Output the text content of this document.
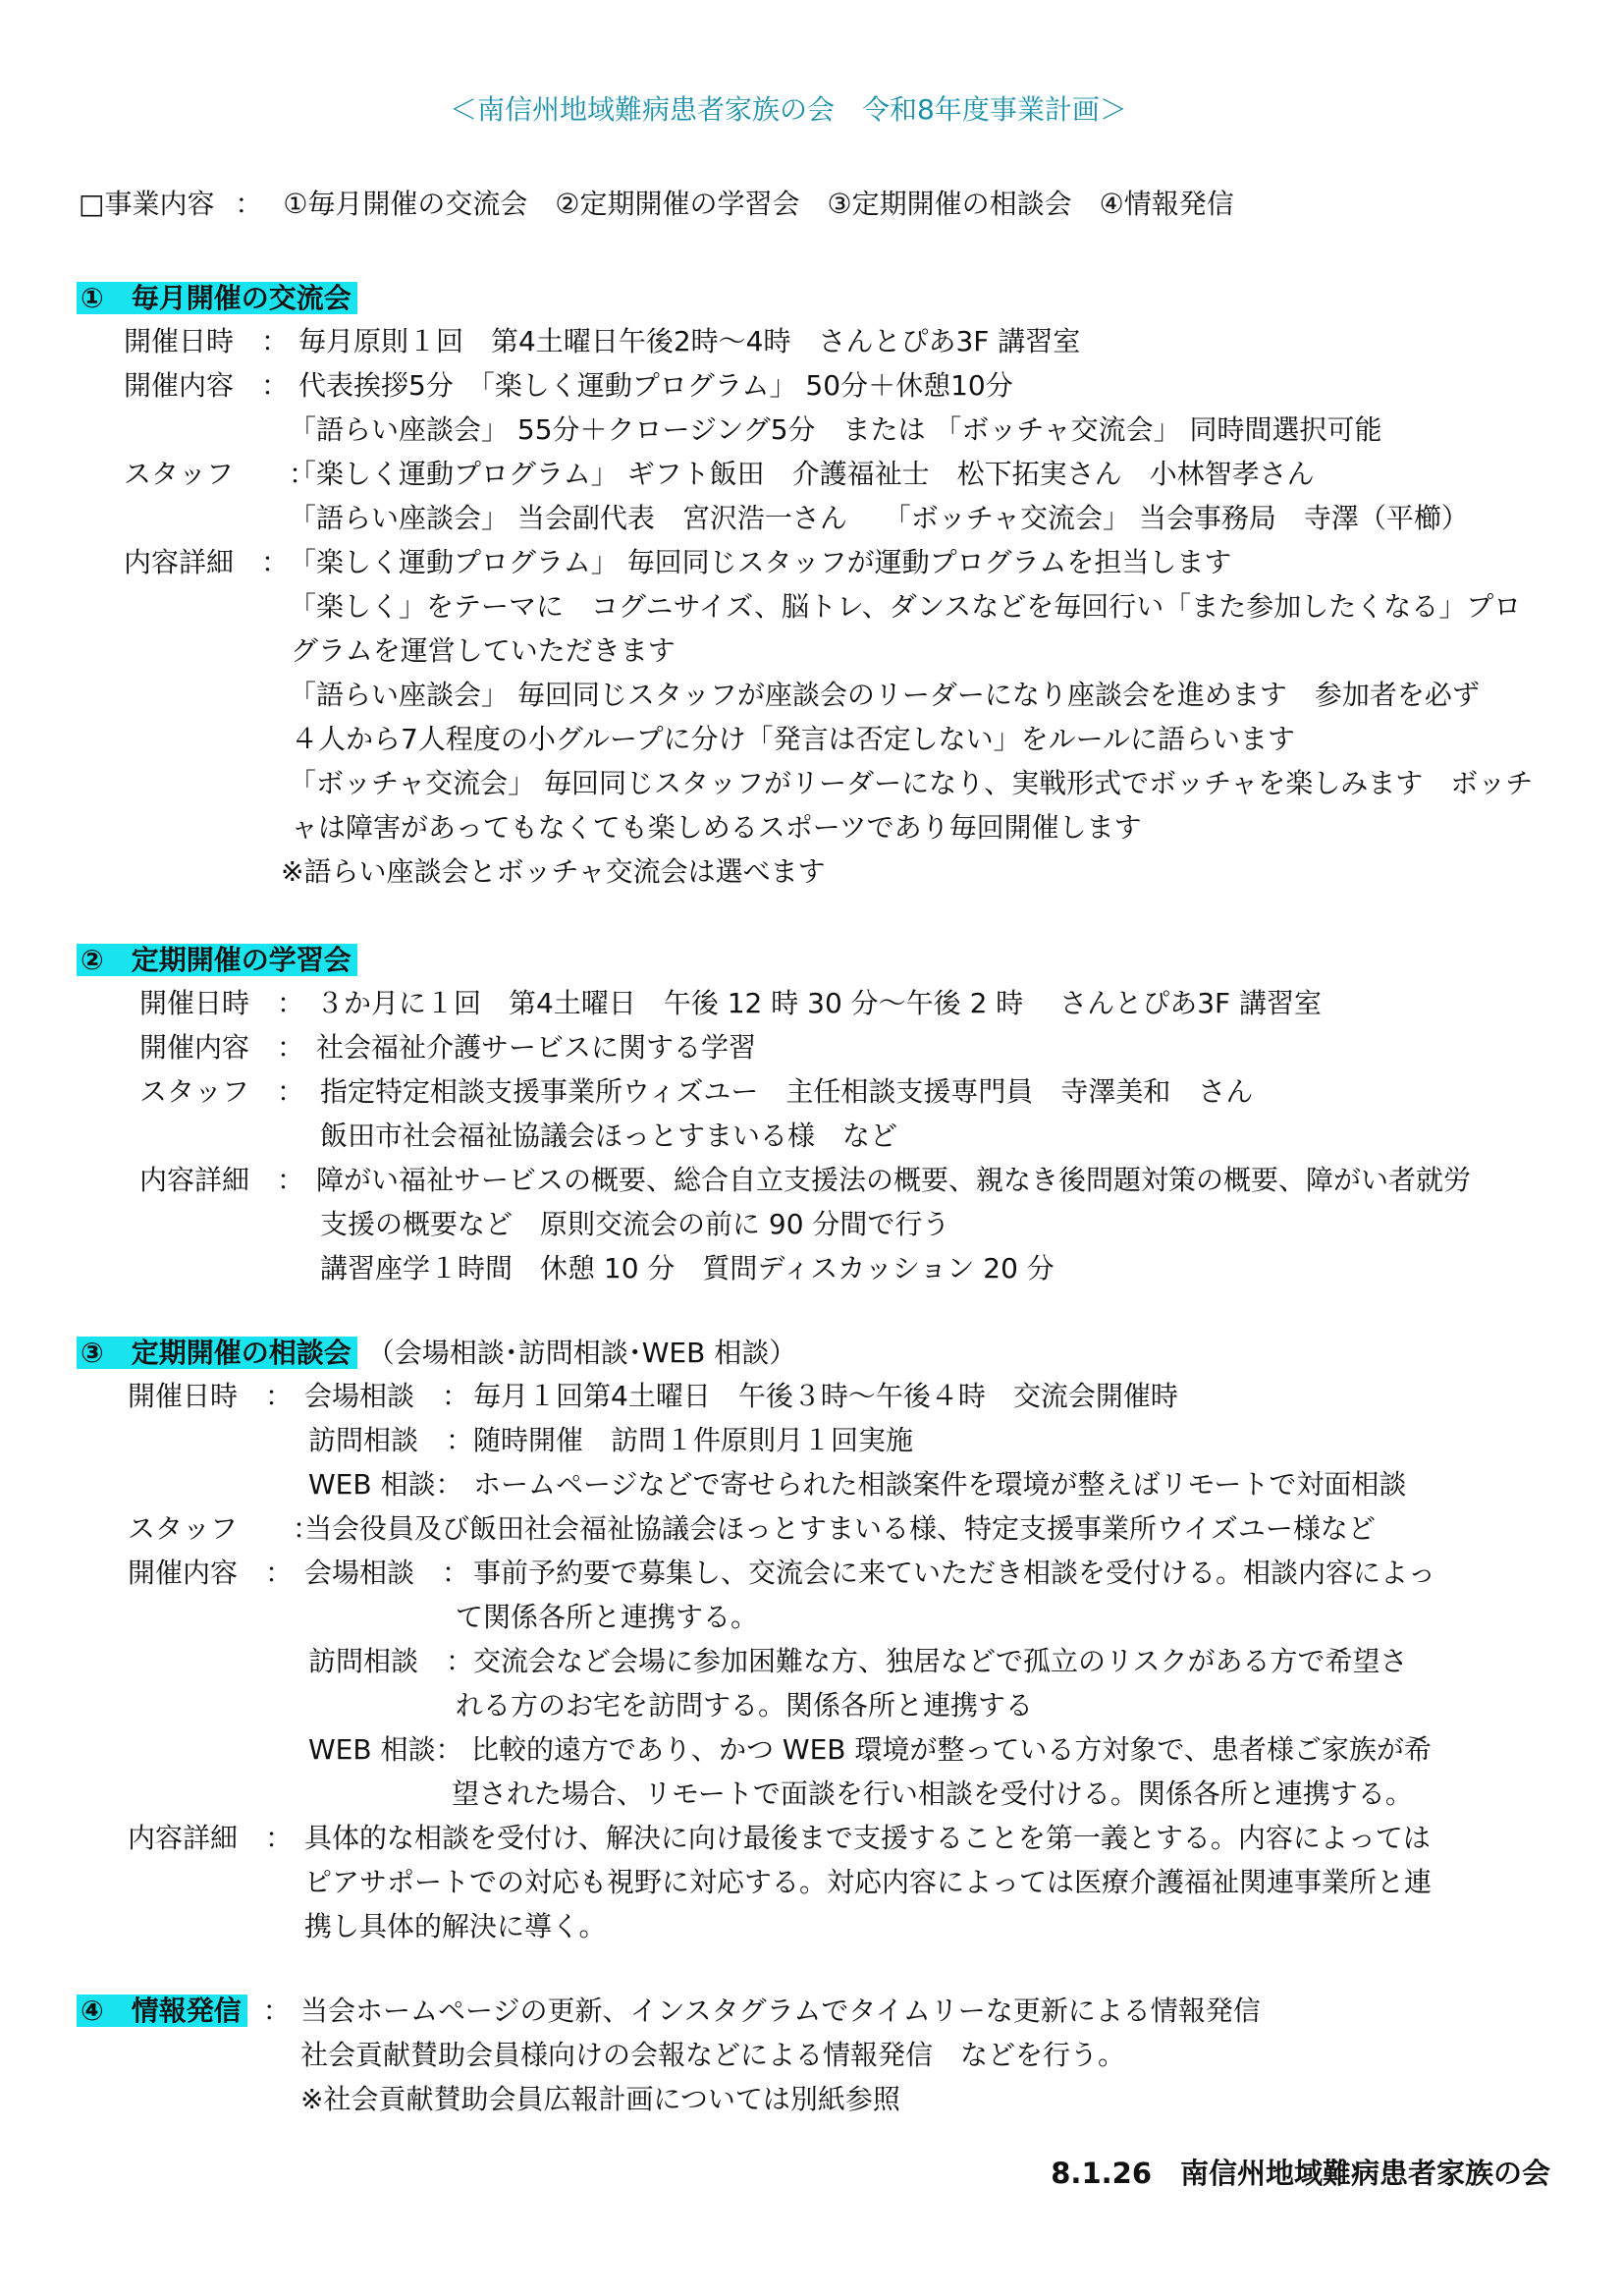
＜南信州地域難病患者家族の会　令和8年度事業計画＞
□事業内容 ： ①毎月開催の交流会　②定期開催の学習会　③定期開催の相談会　④情報発信
①　毎月開催の交流会
開催日時　： 毎月原則１回　第4土曜日午後2時～4時　さんとぴあ3F 講習室
開催内容　： 代表挨拶5分　「楽しく運動プログラム」 50分＋休憩10分
「語らい座談会」 55分＋クロージング5分　または 「ボッチャ交流会」 同時間選択可能
スタッフ　　：
「楽しく運動プログラム」 ギフト飯田　介護福祉士　松下拓実さん　小林智孝さん
「語らい座談会」 当会副代表　宮沢浩一さん　 「ボッチャ交流会」 当会事務局　寺澤（平櫛）
内容詳細　： 「楽しく運動プログラム」 毎回同じスタッフが運動プログラムを担当します
「楽しく」をテーマに　コグニサイズ、脳トレ、ダンスなどを毎回行い「また参加したくなる」プロ
グラムを運営していただきます
「語らい座談会」 毎回同じスタッフが座談会のリーダーになり座談会を進めます　参加者を必ず
４人から7人程度の小グループに分け「発言は否定しない」をルールに語らいます
「ボッチャ交流会」 毎回同じスタッフがリーダーになり、実戦形式でボッチャを楽しみます　ボッチ
ャは障害があってもなくても楽しめるスポーツであり毎回開催します
※語らい座談会とボッチャ交流会は選べます
②　定期開催の学習会
開催日時　： ３か月に１回　第4土曜日　午後 12 時 30 分～午後 2 時　 さんとぴあ3F 講習室
開催内容　： 社会福祉介護サービスに関する学習
スタッフ　： 指定特定相談支援事業所ウィズユー　主任相談支援専門員　寺澤美和　さん
飯田市社会福祉協議会ほっとすまいる様　など
内容詳細　： 障がい福祉サービスの概要、総合自立支援法の概要、親なき後問題対策の概要、障がい者就労
支援の概要など　原則交流会の前に 90 分間で行う
講習座学１時間　休憩 10 分　質問ディスカッション 20 分
③　定期開催の相談会 （会場相談･訪問相談･WEB 相談）
開催日時　： 会場相談　： 毎月１回第4土曜日　午後３時～午後４時　交流会開催時
訪問相談　： 随時開催　訪問１件原則月１回実施
WEB 相談： ホームページなどで寄せられた相談案件を環境が整えばリモートで対面相談
スタッフ　　：
当会役員及び飯田社会福祉協議会ほっとすまいる様、特定支援事業所ウイズユー様など
開催内容　： 会場相談　： 事前予約要で募集し、交流会に来ていただき相談を受付ける。相談内容によっ
て関係各所と連携する。
訪問相談　： 交流会など会場に参加困難な方、独居などで孤立のリスクがある方で希望さ
れる方のお宅を訪問する。関係各所と連携する
WEB 相談： 比較的遠方であり、かつ WEB 環境が整っている方対象で、患者様ご家族が希
望された場合、リモートで面談を行い相談を受付ける。関係各所と連携する。
内容詳細　： 具体的な相談を受付け、解決に向け最後まで支援することを第一義とする。内容によっては
ピアサポートでの対応も視野に対応する。対応内容によっては医療介護福祉関連事業所と連
携し具体的解決に導く。
④　情報発信 ： 当会ホームページの更新、インスタグラムでタイムリーな更新による情報発信
社会貢献賛助会員様向けの会報などによる情報発信　などを行う。
※社会貢献賛助会員広報計画については別紙参照
8.1.26　南信州地域難病患者家族の会
